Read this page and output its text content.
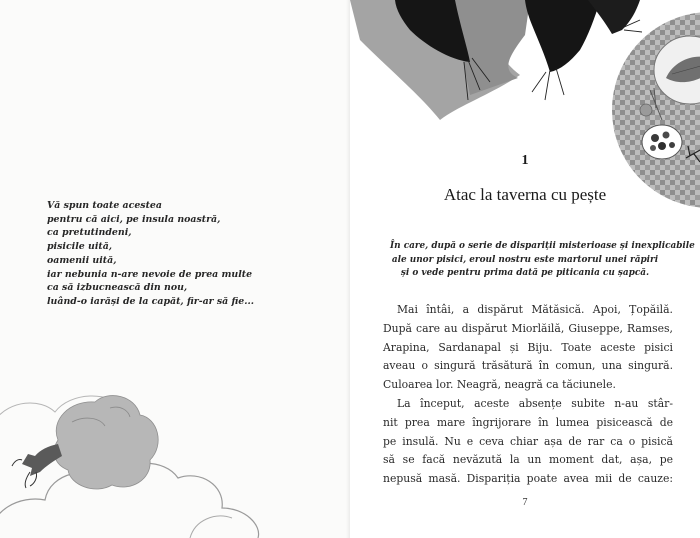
Vă spun toate acestea
pentru că aici, pe insula noastră,
ca pretutindeni,
pisicile uită,
oamenii uită,
iar nebunia n-are nevoie de prea multe
ca să izbucnească din nou,
luând-o iarăși de la capăt, fir-ar să fie...
1
Atac la taverna cu pește
În care, după o serie de dispariții misterioase și inexplicabile
ale unor pisici, eroul nostru este martorul unei răpiri
și o vede pentru prima dată pe piticania cu șapcă.
Mai întâi, a dispărut Mătăsică. Apoi, Țopăilă.
După care au dispărut Miorlăilă, Giuseppe, Ramses,
Arapina, Sardanapal și Biju. Toate aceste pisici
aveau o singură trăsătură în comun, una singură.
Culoarea lor. Neagră, neagră ca tăciunele.
La început, aceste absențe subite n-au stâr-
nit prea mare îngrijorare în lumea pisicească de
pe insulă. Nu e ceva chiar așa de rar ca o pisică
să se facă nevăzută la un moment dat, așa, pe
nepusă masă. Dispariția poate avea mii de cauze:
7
